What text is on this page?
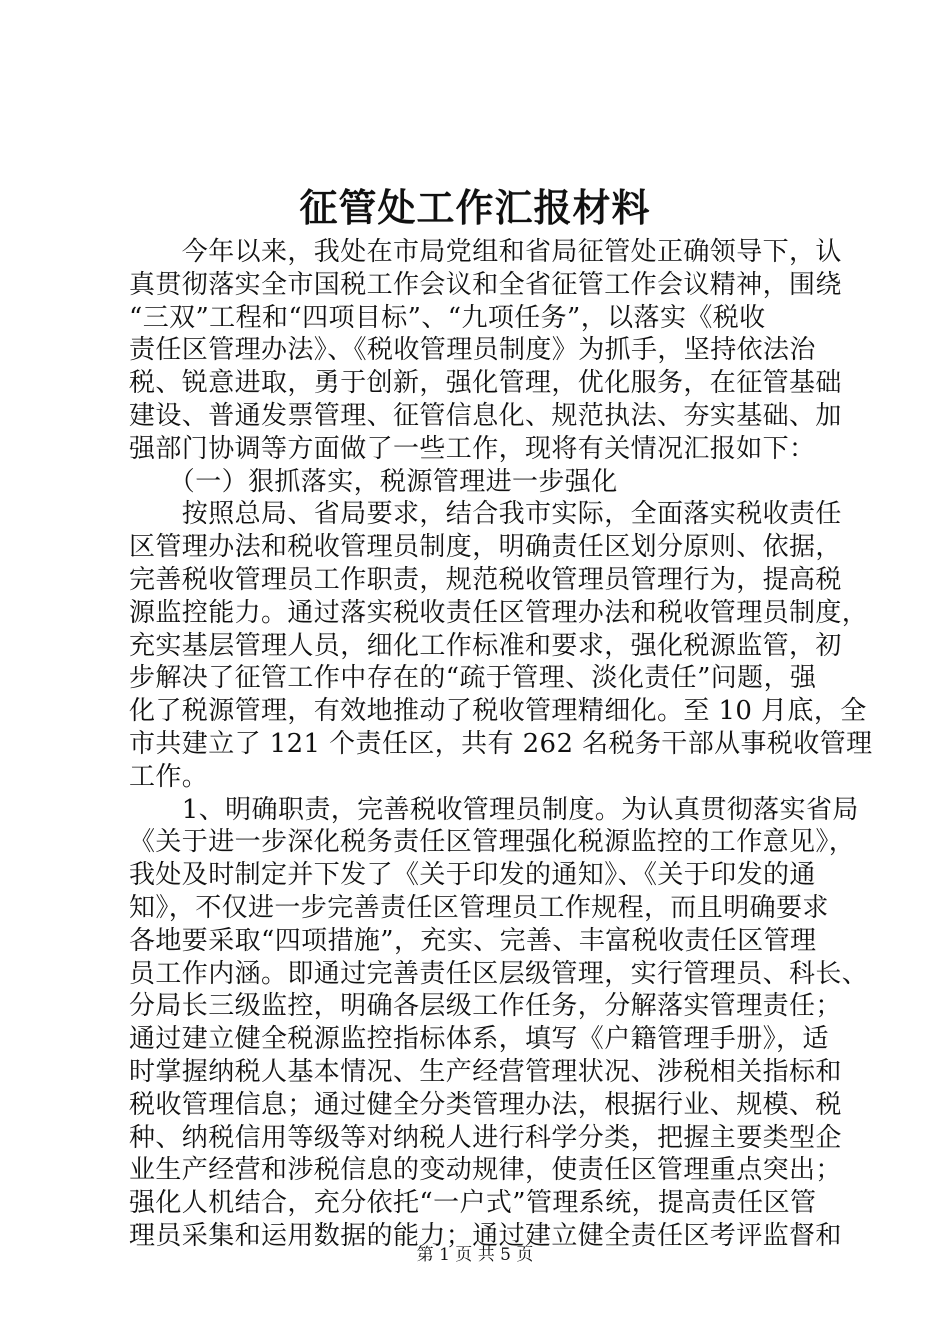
征管处工作汇报材料
　　今年以来，我处在市局党组和省局征管处正确领导下，认
真贯彻落实全市国税工作会议和全省征管工作会议精神，围绕
“三双”工程和“四项目标”、“九项任务”，以落实《税收
责任区管理办法》、《税收管理员制度》为抓手，坚持依法治
税、锐意进取，勇于创新，强化管理，优化服务，在征管基础
建设、普通发票管理、征管信息化、规范执法、夯实基础、加
强部门协调等方面做了一些工作，现将有关情况汇报如下：
　　（一）狠抓落实，税源管理进一步强化
　　按照总局、省局要求，结合我市实际，全面落实税收责任
区管理办法和税收管理员制度，明确责任区划分原则、依据，
完善税收管理员工作职责，规范税收管理员管理行为，提高税
源监控能力。通过落实税收责任区管理办法和税收管理员制度，
充实基层管理人员，细化工作标准和要求，强化税源监管，初
步解决了征管工作中存在的“疏于管理、淡化责任”问题，强
化了税源管理，有效地推动了税收管理精细化。至 10 月底，全
市共建立了 121 个责任区，共有 262 名税务干部从事税收管理
工作。
　　1、明确职责，完善税收管理员制度。为认真贯彻落实省局
《关于进一步深化税务责任区管理强化税源监控的工作意见》，
我处及时制定并下发了《关于印发的通知》、《关于印发的通
知》，不仅进一步完善责任区管理员工作规程，而且明确要求
各地要采取“四项措施”，充实、完善、丰富税收责任区管理
员工作内涵。即通过完善责任区层级管理，实行管理员、科长、
分局长三级监控，明确各层级工作任务，分解落实管理责任；
通过建立健全税源监控指标体系，填写《户籍管理手册》，适
时掌握纳税人基本情况、生产经营管理状况、涉税相关指标和
税收管理信息；通过健全分类管理办法，根据行业、规模、税
种、纳税信用等级等对纳税人进行科学分类，把握主要类型企
业生产经营和涉税信息的变动规律，使责任区管理重点突出；
强化人机结合，充分依托“一户式”管理系统，提高责任区管
理员采集和运用数据的能力；通过建立健全责任区考评监督和
第 1 页 共 5 页
